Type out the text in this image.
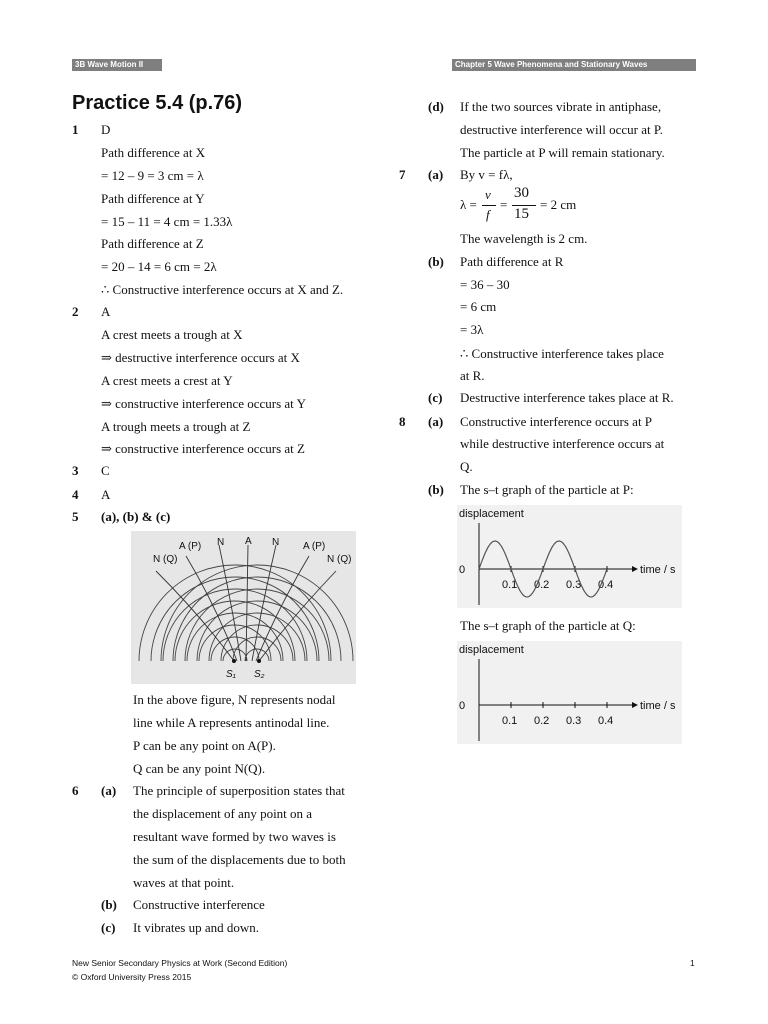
3B Wave Motion II	Chapter 5 Wave Phenomena and Stationary Waves
Practice 5.4 (p.76)
1 D
Path difference at X
= 12 – 9 = 3 cm = λ
Path difference at Y
= 15 – 11 = 4 cm = 1.33λ
Path difference at Z
= 20 – 14 = 6 cm = 2λ
∴ Constructive interference occurs at X and Z.
2 A
A crest meets a trough at X
⇒ destructive interference occurs at X
A crest meets a crest at Y
⇒ constructive interference occurs at Y
A trough meets a trough at Z
⇒ constructive interference occurs at Z
3 C
4 A
5 (a), (b) & (c)
A (P) N A N A (P)
N (Q)	N (Q)
S₁ S₂
In the above figure, N represents nodal
line while A represents antinodal line.
P can be any point on A(P).
Q can be any point N(Q).
6 (a) The principle of superposition states that
the displacement of any point on a
resultant wave formed by two waves is
the sum of the displacements due to both
waves at that point.
(b) Constructive interference
(c) It vibrates up and down.
(d) If the two sources vibrate in antiphase,
destructive interference will occur at P.
The particle at P will remain stationary.
7 (a) By v = fλ,
λ =
v
f
=
30
15
= 2 cm
The wavelength is 2 cm.
(b) Path difference at R
= 36 – 30
= 6 cm
= 3λ
∴ Constructive interference takes place
at R.
(c) Destructive interference takes place at R.
8 (a) Constructive interference occurs at P
while destructive interference occurs at
Q.
(b) The s–t graph of the particle at P:
displacement
0	time / s
0.1 0.2 0.3 0.4
The s–t graph of the particle at Q:
displacement
0	time / s
0.1 0.2 0.3 0.4
New Senior Secondary Physics at Work (Second Edition)
© Oxford University Press 2015
1
